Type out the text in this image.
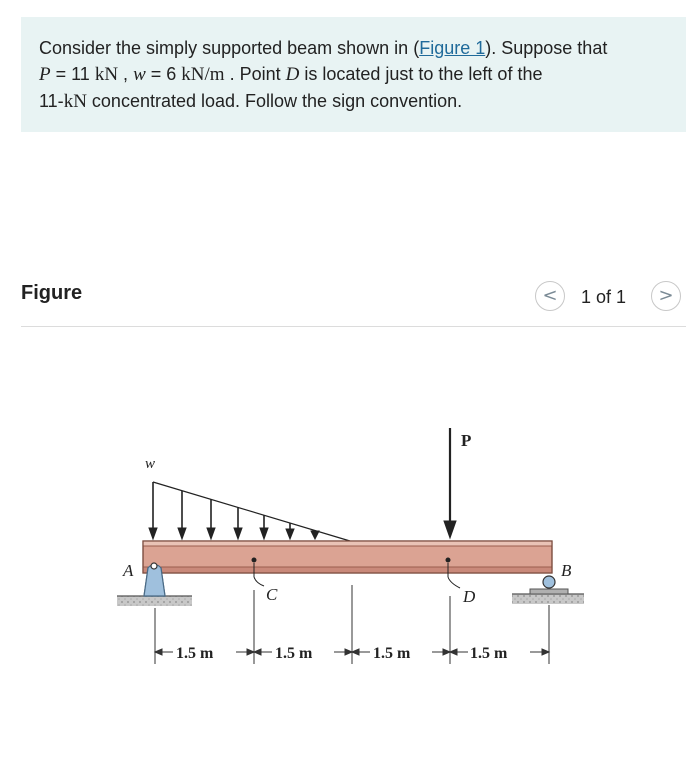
Consider the simply supported beam shown in (Figure 1). Suppose that
P = 11 kN , w = 6 kN/m . Point D is located just to the left of the
11-kN concentrated load. Follow the sign convention.

Figure	<	1 of 1	>
w
P
A	B
C	D
1.5 m	1.5 m	1.5 m	1.5 m
